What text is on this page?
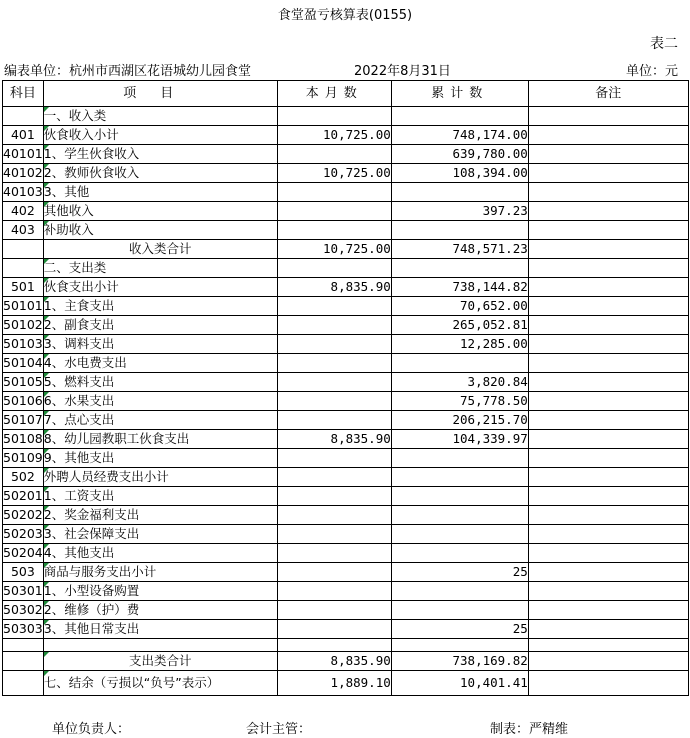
食堂盈亏核算表(0155)
表二
编表单位：杭州市西湖区花语城幼儿园食堂	2022年8月31日	单位：元
科目	项目	本月数	累计数	备注
	一、收入类			
401	伙食收入小计	10,725.00	748,174.00	
40101	1、学生伙食收入		639,780.00	
40102	2、教师伙食收入	10,725.00	108,394.00	
40103	3、其他			
402	其他收入		397.23	
403	补助收入			
	收入类合计	10,725.00	748,571.23	
	二、支出类			
501	伙食支出小计	8,835.90	738,144.82	
50101	1、主食支出		70,652.00	
50102	2、副食支出		265,052.81	
50103	3、调料支出		12,285.00	
50104	4、水电费支出			
50105	5、燃料支出		3,820.84	
50106	6、水果支出		75,778.50	
50107	7、点心支出		206,215.70	
50108	8、幼儿园教职工伙食支出	8,835.90	104,339.97	
50109	9、其他支出			
502	外聘人员经费支出小计			
50201	1、工资支出			
50202	2、奖金福利支出			
50203	3、社会保障支出			
50204	4、其他支出			
503	商品与服务支出小计		25	
50301	1、小型设备购置			
50302	2、维修（护）费			
50303	3、其他日常支出		25	

	支出类合计	8,835.90	738,169.82	
	七、结余（亏损以“负号”表示）	1,889.10	10,401.41	
单位负责人：	会计主管：	制表：严精维
